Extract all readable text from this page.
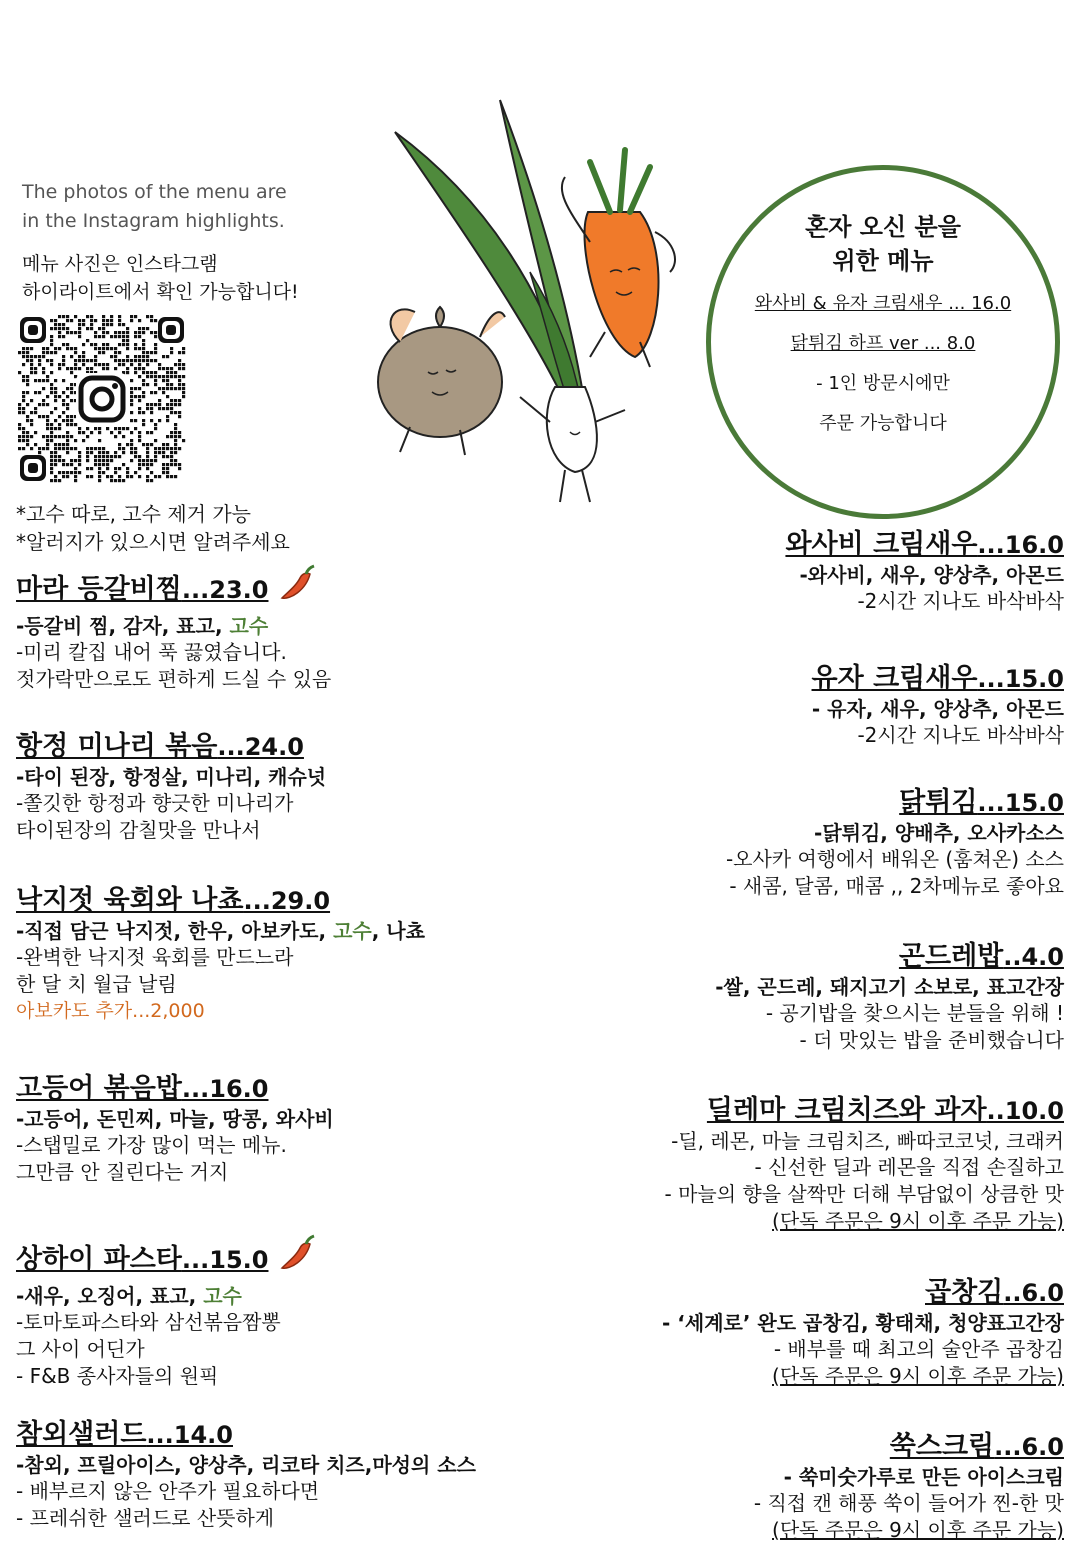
The photos of the menu are
in the Instagram highlights.
메뉴 사진은 인스타그램
하이라이트에서 확인 가능합니다!
*고수 따로, 고수 제거 가능
*알러지가 있으시면 알려주세요
혼자 오신 분을
위한 메뉴
와사비 & 유자 크림새우 ... 16.0
닭튀김 하프 ver ... 8.0
- 1인 방문시에만
주문 가능합니다
마라 등갈비찜...23.0
-등갈비 찜, 감자, 표고, 고수
-미리 칼집 내어 푹 끓였습니다.
젓가락만으로도 편하게 드실 수 있음
항정 미나리 볶음...24.0
-타이 된장, 항정살, 미나리, 캐슈넛
-쫄깃한 항정과 향긋한 미나리가
타이된장의 감칠맛을 만나서
낙지젓 육회와 나쵸...29.0
-직접 담근 낙지젓, 한우, 아보카도, 고수, 나쵸
-완벽한 낙지젓 육회를 만드느라
한 달 치 월급 날림
아보카도 추가...2,000
고등어 볶음밥...16.0
-고등어, 돈민찌, 마늘, 땅콩, 와사비
-스탭밀로 가장 많이 먹는 메뉴.
그만큼 안 질린다는 거지
상하이 파스타...15.0
-새우, 오징어, 표고, 고수
-토마토파스타와 삼선볶음짬뽕
그 사이 어딘가
- F&B 종사자들의 원픽
참외샐러드...14.0
-참외, 프릴아이스, 양상추, 리코타 치즈,마성의 소스
- 배부르지 않은 안주가 필요하다면
- 프레쉬한 샐러드로 산뜻하게
와사비 크림새우...16.0
-와사비, 새우, 양상추, 아몬드
-2시간 지나도 바삭바삭
유자 크림새우...15.0
- 유자, 새우, 양상추, 아몬드
-2시간 지나도 바삭바삭
닭튀김...15.0
-닭튀김, 양배추, 오사카소스
-오사카 여행에서 배워온 (훔쳐온) 소스
- 새콤, 달콤, 매콤 ,, 2차메뉴로 좋아요
곤드레밥..4.0
-쌀, 곤드레, 돼지고기 소보로, 표고간장
- 공기밥을 찾으시는 분들을 위해 !
- 더 맛있는 밥을 준비했습니다
딜레마 크림치즈와 과자..10.0
-딜, 레몬, 마늘 크림치즈, 빠따코코넛, 크래커
- 신선한 딜과 레몬을 직접 손질하고
- 마늘의 향을 살짝만 더해 부담없이 상큼한 맛
(단독 주문은 9시 이후 주문 가능)
곱창김..6.0
- ‘세계로’ 완도 곱창김, 황태채, 청양표고간장
- 배부를 때 최고의 술안주 곱창김
(단독 주문은 9시 이후 주문 가능)
쑥스크림...6.0
- 쑥미숫가루로 만든 아이스크림
- 직접 캔 해풍 쑥이 들어가 찐-한 맛
(단독 주문은 9시 이후 주문 가능)
